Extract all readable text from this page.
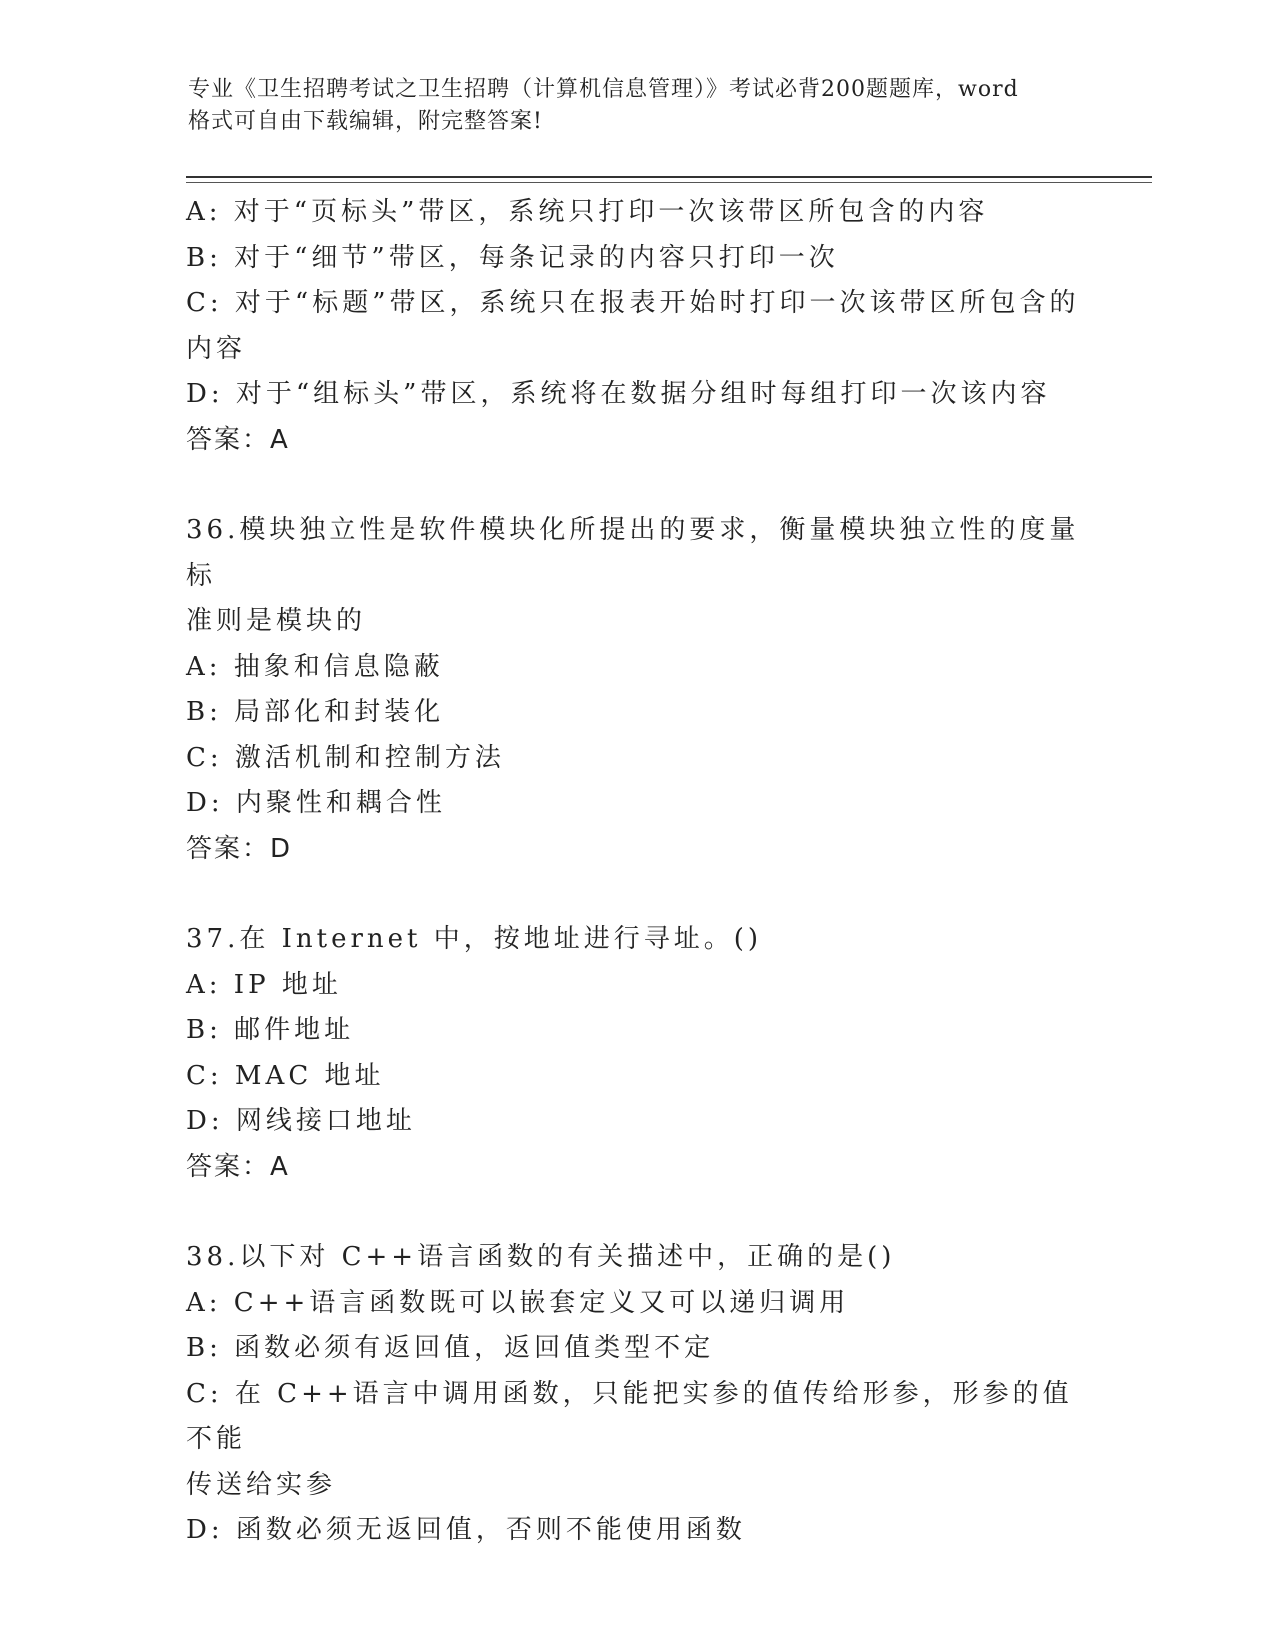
专业《卫生招聘考试之卫生招聘（计算机信息管理）》考试必背200题题库，word
格式可自由下载编辑，附完整答案!

A: 对于“页标头”带区，系统只打印一次该带区所包含的内容

B: 对于“细节”带区，每条记录的内容只打印一次

C: 对于“标题”带区，系统只在报表开始时打印一次该带区所包含的

内容

D: 对于“组标头”带区，系统将在数据分组时每组打印一次该内容

答案：A

36.模块独立性是软件模块化所提出的要求，衡量模块独立性的度量标

准则是模块的

A: 抽象和信息隐蔽

B: 局部化和封装化

C: 激活机制和控制方法

D: 内聚性和耦合性

答案：D

37.在 Internet 中，按地址进行寻址。()

A: IP 地址

B: 邮件地址

C: MAC 地址

D: 网线接口地址

答案：A

38.以下对 C++语言函数的有关描述中，正确的是()

A: C++语言函数既可以嵌套定义又可以递归调用

B: 函数必须有返回值，返回值类型不定

C: 在 C++语言中调用函数，只能把实参的值传给形参，形参的值不能

传送给实参

D: 函数必须无返回值，否则不能使用函数
